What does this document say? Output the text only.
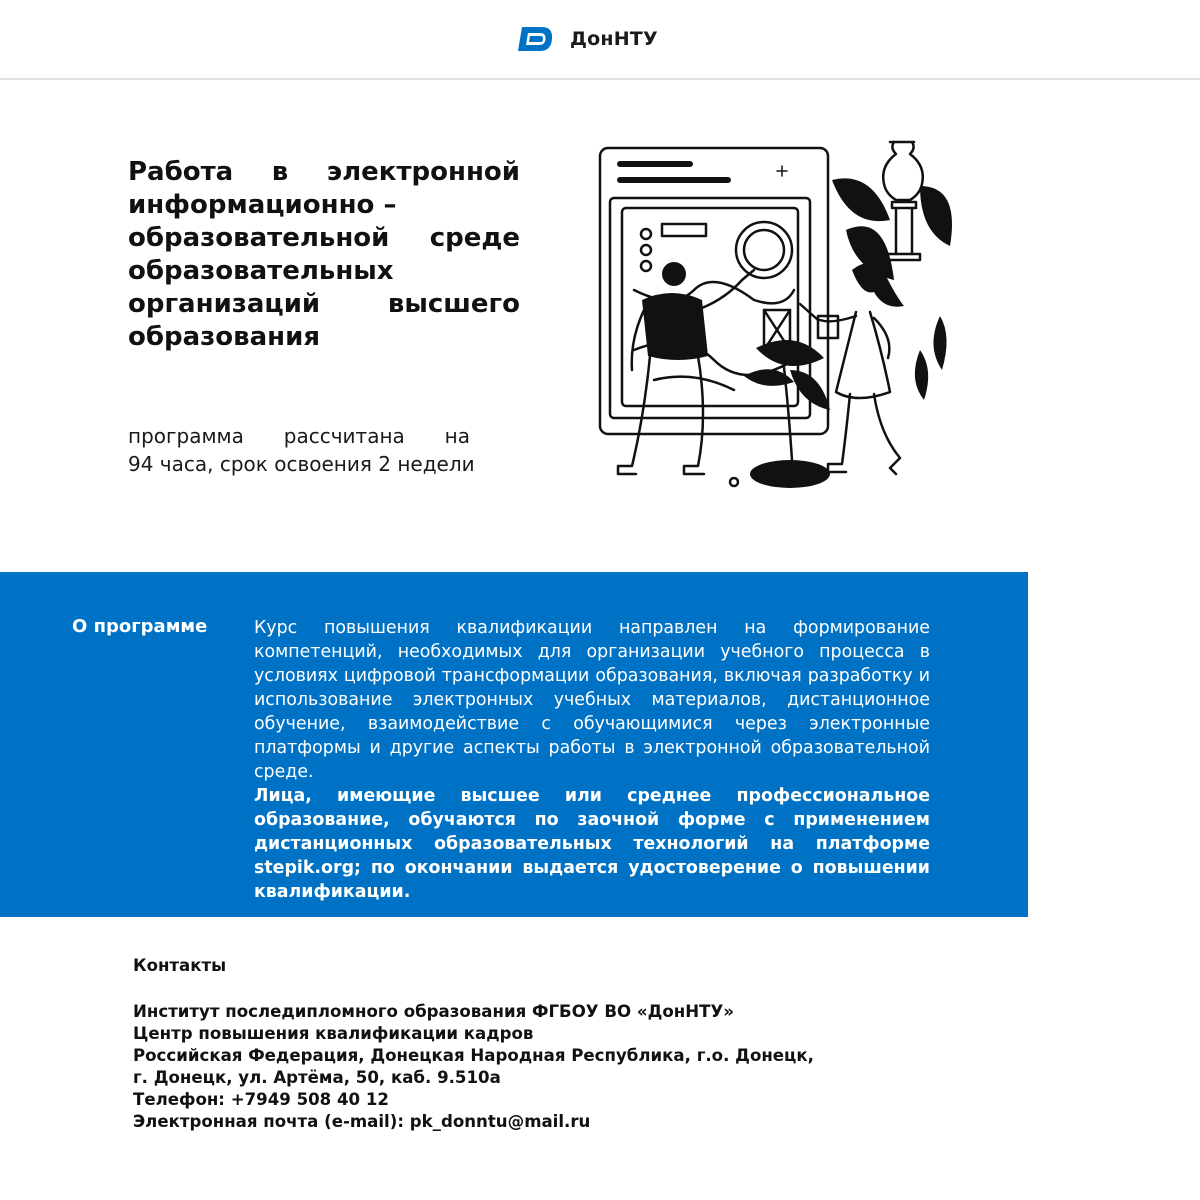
ДонНТУ
Работа в электронной
информационно –
образовательной среде
образовательных
организаций высшего
образования
программа рассчитана на
94 часа, срок освоения 2 недели
О программе	Курс повышения квалификации направлен на формирование компетенций, необходимых для организации учебного процесса в условиях цифровой трансформации образования, включая разработку и использование электронных учебных материалов, дистанционное обучение, взаимодействие с обучающимися через электронные платформы и другие аспекты работы в электронной образовательной среде.

Лица, имеющие высшее или среднее профессиональное образование, обучаются по заочной форме с применением дистанционных образовательных технологий на платформе stepik.org; по окончании выдается удостоверение о повышении квалификации.

Контакты
Институт последипломного образования ФГБОУ ВО «ДонНТУ»
Центр повышения квалификации кадров
Российская Федерация, Донецкая Народная Республика, г.о. Донецк,
г. Донецк, ул. Артёма, 50, каб. 9.510а
Телефон: +7949 508 40 12
Электронная почта (e-mail): pk_donntu@mail.ru
